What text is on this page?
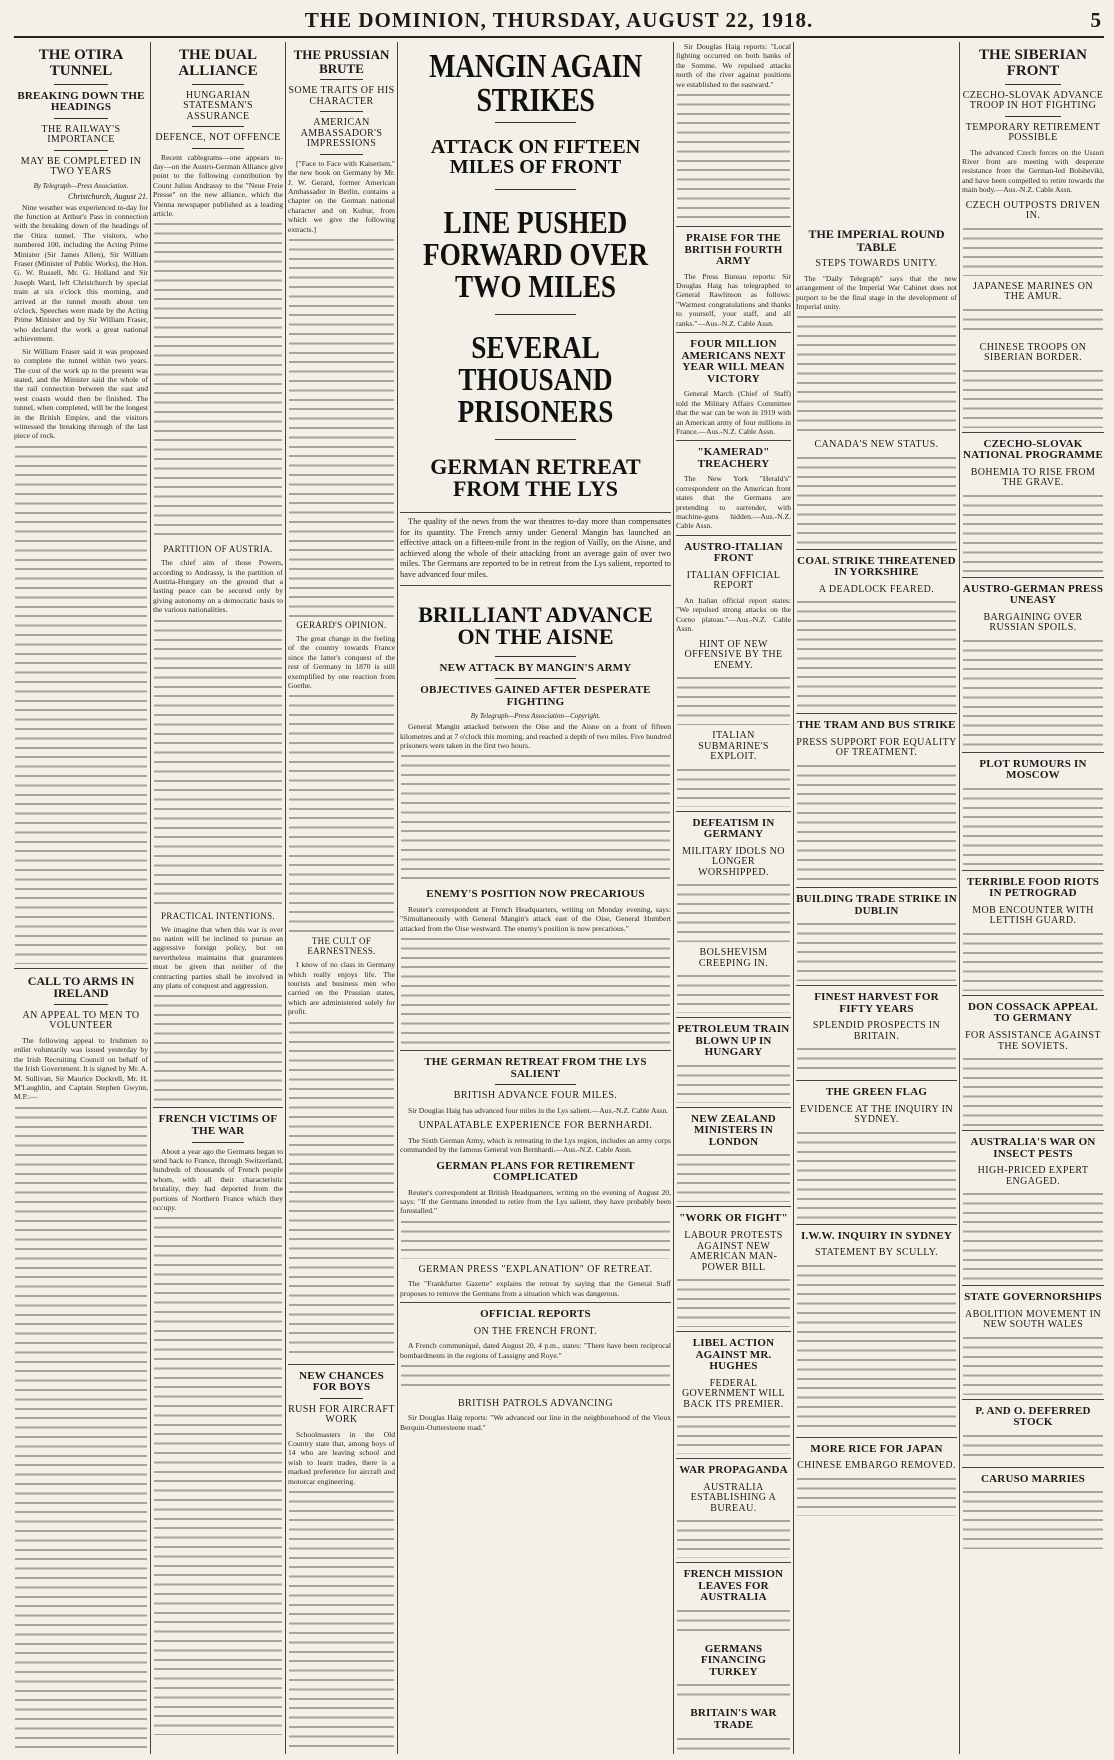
THE DOMINION, THURSDAY, AUGUST 22, 1918.	5
THE OTIRA TUNNEL
BREAKING DOWN THE HEADINGS
THE RAILWAY'S IMPORTANCE
MAY BE COMPLETED IN TWO YEARS
By Telegraph—Press Association.
Christchurch, August 21.

Nine weather was experienced to-day for the function at Arthur's Pass in connection with the breaking down of the headings of the Otira tunnel. The visitors, who numbered 100, including the Acting Prime Minister (Sir James Allen), Sir William Fraser (Minister of Public Works), the Hon. G. W. Russell, Mr. G. Holland and Sir Joseph Ward, left Christchurch by special train at six o'clock this morning, and arrived at the tunnel mouth about ten o'clock. Speeches were made by the Acting Prime Minister and by Sir William Fraser, who declared the work a great national achievement.

Sir William Fraser said it was proposed to complete the tunnel within two years. The cost of the work up to the present was stated, and the Minister said the whole of the rail connection between the east and west coasts would then be finished. The tunnel, when completed, will be the longest in the British Empire, and the visitors witnessed the breaking through of the last piece of rock.

CALL TO ARMS IN IRELAND
AN APPEAL TO MEN TO VOLUNTEER

The following appeal to Irishmen to enlist voluntarily was issued yesterday by the Irish Recruiting Council on behalf of the Irish Government. It is signed by Mr. A. M. Sullivan, Sir Maurice Dockrell, Mr. H. M'Laughlin, and Captain Stephen Gwynn, M.P.:—

THE DUAL ALLIANCE
HUNGARIAN STATESMAN'S ASSURANCE
DEFENCE, NOT OFFENCE

Recent cablegrams—one appears to-day—on the Austro-German Alliance give point to the following contribution by Count Julius Andrassy to the "Neue Freie Presse" on the new alliance, which the Vienna newspaper published as a leading article.

PARTITION OF AUSTRIA.

The chief aim of those Powers, according to Andrassy, is the partition of Austria-Hungary on the ground that a lasting peace can be secured only by giving autonomy on a democratic basis to the various nationalities.

PRACTICAL INTENTIONS.

We imagine that when this war is over no nation will be inclined to pursue an aggressive foreign policy, but on nevertheless maintains that guarantees must be given that neither of the contracting parties shall be involved in any plans of conquest and aggression.

FRENCH VICTIMS OF THE WAR

About a year ago the Germans began to send back to France, through Switzerland, hundreds of thousands of French people whom, with all their characteristic brutality, they had deported from the portions of Northern France which they occupy.

THE PRUSSIAN BRUTE
SOME TRAITS OF HIS CHARACTER
AMERICAN AMBASSADOR'S IMPRESSIONS

["Face to Face with Kaiserism," the new book on Germany by Mr. J. W. Gerard, former American Ambassador in Berlin, contains a chapter on the German national character and on Kultur, from which we give the following extracts.]

GERARD'S OPINION.

The great change in the feeling of the country towards France since the latter's conquest of the rest of Germany in 1870 is still exemplified by one reaction from Goethe.

THE CULT OF EARNESTNESS.

I know of no class in Germany which really enjoys life. The tourists and business men who carried on the Prussian states, which are administered solely for profit.

NEW CHANCES FOR BOYS
RUSH FOR AIRCRAFT WORK

Schoolmasters in the Old Country state that, among boys of 14 who are leaving school and wish to learn trades, there is a marked preference for aircraft and motorcar engineering.

MANGIN AGAIN STRIKES
ATTACK ON FIFTEEN MILES OF FRONT
LINE PUSHED FORWARD OVER TWO MILES
SEVERAL THOUSAND PRISONERS
GERMAN RETREAT FROM THE LYS

The quality of the news from the war theatres to-day more than compensates for its quantity. The French army under General Mangin has launched an effective attack on a fifteen-mile front in the region of Vailly, on the Aisne, and achieved along the whole of their attacking front an average gain of over two miles. The Germans are reported to be in retreat from the Lys salient, reported to have advanced four miles.

BRILLIANT ADVANCE ON THE AISNE
NEW ATTACK BY MANGIN'S ARMY
OBJECTIVES GAINED AFTER DESPERATE FIGHTING
By Telegraph—Press Association—Copyright.

General Mangin attacked between the Oise and the Aisne on a front of fifteen kilometres and at 7 o'clock this morning, and reached a depth of two miles. Five hundred prisoners were taken in the first two hours.

ENEMY'S POSITION NOW PRECARIOUS

Reuter's correspondent at French Headquarters, writing on Monday evening, says: "Simultaneously with General Mangin's attack east of the Oise, General Humbert attacked from the Oise westward. The enemy's position is now precarious."

THE GERMAN RETREAT FROM THE LYS SALIENT
BRITISH ADVANCE FOUR MILES.

Sir Douglas Haig has advanced four miles in the Lys salient.—Aus.-N.Z. Cable Assn.

UNPALATABLE EXPERIENCE FOR BERNHARDI.

The Sixth German Army, which is retreating in the Lys region, includes an army corps commanded by the famous General von Bernhardi.—Aus.-N.Z. Cable Assn.

GERMAN PLANS FOR RETIREMENT COMPLICATED

Reuter's correspondent at British Headquarters, writing on the evening of August 20, says: "If the Germans intended to retire from the Lys salient, they have probably been forestalled."

GERMAN PRESS "EXPLANATION" OF RETREAT.

The "Frankfurter Gazette" explains the retreat by saying that the General Staff proposes to remove the Germans from a situation which was dangerous.

OFFICIAL REPORTS
ON THE FRENCH FRONT.

A French communiqué, dated August 20, 4 p.m., states: "There have been reciprocal bombardments in the regions of Lassigny and Roye."

BRITISH PATROLS ADVANCING

Sir Douglas Haig reports: "We advanced our line in the neighbourhood of the Vieux Berquin-Outtersteene road."

Sir Douglas Haig reports: "Local fighting occurred on both banks of the Somme. We repulsed attacks north of the river against positions we established to the eastward."

PRAISE FOR THE BRITISH FOURTH ARMY

The Press Bureau reports: Sir Douglas Haig has telegraphed to General Rawlinson as follows: "Warmest congratulations and thanks to yourself, your staff, and all ranks."—Aus.-N.Z. Cable Assn.

FOUR MILLION AMERICANS NEXT YEAR WILL MEAN VICTORY

General March (Chief of Staff) told the Military Affairs Committee that the war can be won in 1919 with an American army of four millions in France.—Aus.-N.Z. Cable Assn.

"KAMERAD" TREACHERY

The New York "Herald's" correspondent on the American front states that the Germans are pretending to surrender, with machine-guns hidden.—Aus.-N.Z. Cable Assn.

AUSTRO-ITALIAN FRONT
ITALIAN OFFICIAL REPORT

An Italian official report states: "We repulsed strong attacks on the Corno plateau."—Aus.-N.Z. Cable Assn.

HINT OF NEW OFFENSIVE BY THE ENEMY.
ITALIAN SUBMARINE'S EXPLOIT.
DEFEATISM IN GERMANY
MILITARY IDOLS NO LONGER WORSHIPPED.
BOLSHEVISM CREEPING IN.
PETROLEUM TRAIN BLOWN UP IN HUNGARY
NEW ZEALAND MINISTERS IN LONDON
"WORK OR FIGHT"
LABOUR PROTESTS AGAINST NEW AMERICAN MAN-POWER BILL
LIBEL ACTION AGAINST MR. HUGHES
FEDERAL GOVERNMENT WILL BACK ITS PREMIER.
WAR PROPAGANDA
AUSTRALIA ESTABLISHING A BUREAU.
FRENCH MISSION LEAVES FOR AUSTRALIA
GERMANS FINANCING TURKEY
BRITAIN'S WAR TRADE
THE IMPERIAL ROUND TABLE
STEPS TOWARDS UNITY.

The "Daily Telegraph" says that the new arrangement of the Imperial War Cabinet does not purport to be the final stage in the development of Imperial unity.

CANADA'S NEW STATUS.
COAL STRIKE THREATENED IN YORKSHIRE
A DEADLOCK FEARED.
THE TRAM AND BUS STRIKE
PRESS SUPPORT FOR EQUALITY OF TREATMENT.
BUILDING TRADE STRIKE IN DUBLIN
FINEST HARVEST FOR FIFTY YEARS
SPLENDID PROSPECTS IN BRITAIN.
THE GREEN FLAG
EVIDENCE AT THE INQUIRY IN SYDNEY.
I.W.W. INQUIRY IN SYDNEY
STATEMENT BY SCULLY.
MORE RICE FOR JAPAN
CHINESE EMBARGO REMOVED.
THE SIBERIAN FRONT
CZECHO-SLOVAK ADVANCE TROOP IN HOT FIGHTING
TEMPORARY RETIREMENT POSSIBLE

The advanced Czech forces on the Ussuri River front are meeting with desperate resistance from the German-led Bolsheviki, and have been compelled to retire towards the main body.—Aus.-N.Z. Cable Assn.

CZECH OUTPOSTS DRIVEN IN.
JAPANESE MARINES ON THE AMUR.
CHINESE TROOPS ON SIBERIAN BORDER.
CZECHO-SLOVAK NATIONAL PROGRAMME
BOHEMIA TO RISE FROM THE GRAVE.
AUSTRO-GERMAN PRESS UNEASY
BARGAINING OVER RUSSIAN SPOILS.
PLOT RUMOURS IN MOSCOW
TERRIBLE FOOD RIOTS IN PETROGRAD
MOB ENCOUNTER WITH LETTISH GUARD.
DON COSSACK APPEAL TO GERMANY
FOR ASSISTANCE AGAINST THE SOVIETS.
AUSTRALIA'S WAR ON INSECT PESTS
HIGH-PRICED EXPERT ENGAGED.
STATE GOVERNORSHIPS
ABOLITION MOVEMENT IN NEW SOUTH WALES
P. AND O. DEFERRED STOCK
CARUSO MARRIES
